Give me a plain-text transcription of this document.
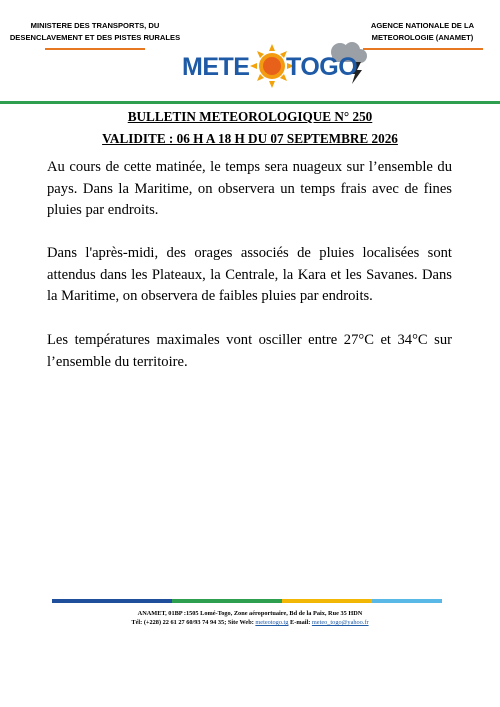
MINISTERE DES TRANSPORTS, DU
DESENCLAVEMENT ET DES PISTES RURALES
AGENCE NATIONALE DE LA
METEOROLOGIE (ANAMET)
METE TOGO
BULLETIN METEOROLOGIQUE N° 250
VALIDITE : 06 H A 18 H DU 07 SEPTEMBRE 2026

Au cours de cette matinée, le temps sera nuageux sur l’ensemble du pays. Dans la Maritime, on observera un temps frais avec de fines pluies par endroits.

Dans l'après-midi, des orages associés de pluies localisées sont attendus dans les Plateaux, la Centrale, la Kara et les Savanes. Dans la Maritime, on observera de faibles pluies par endroits.

Les températures maximales vont osciller entre 27°C et 34°C sur l’ensemble du territoire.

ANAMET, 01BP :1505 Lomé-Togo, Zone aéroportuaire, Bd de la Paix, Rue 35 HDN
Tél: (+228) 22 61 27 60/93 74 94 35; Site Web: meteotogo.tg E-mail: meteo_togo@yahoo.fr
